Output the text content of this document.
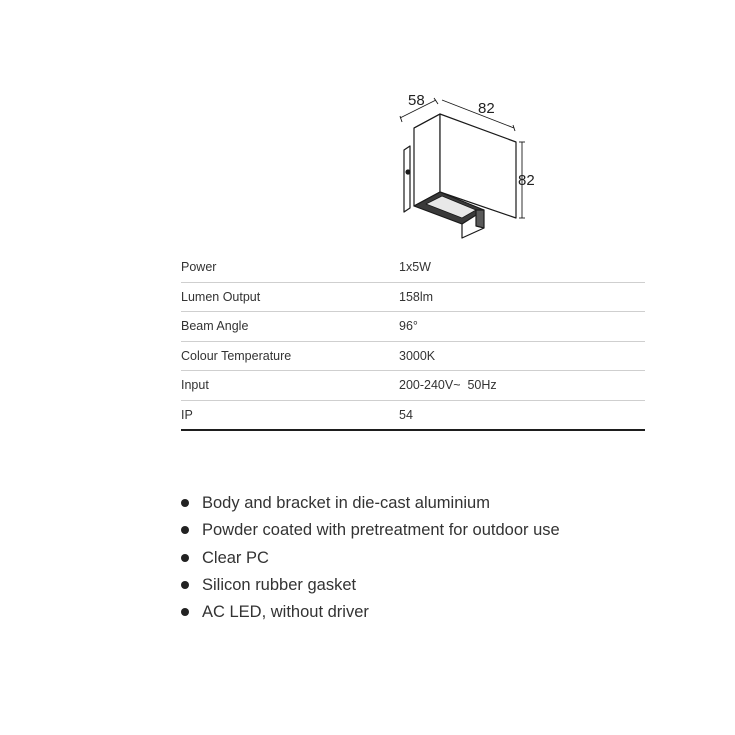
58	82
82
Power	1x5W
Lumen Output	158lm
Beam Angle	96°
Colour Temperature	3000K
Input	200-240V~  50Hz
IP	54
Body and bracket in die-cast aluminium
Powder coated with pretreatment for outdoor use
Clear PC
Silicon rubber gasket
AC LED, without driver
